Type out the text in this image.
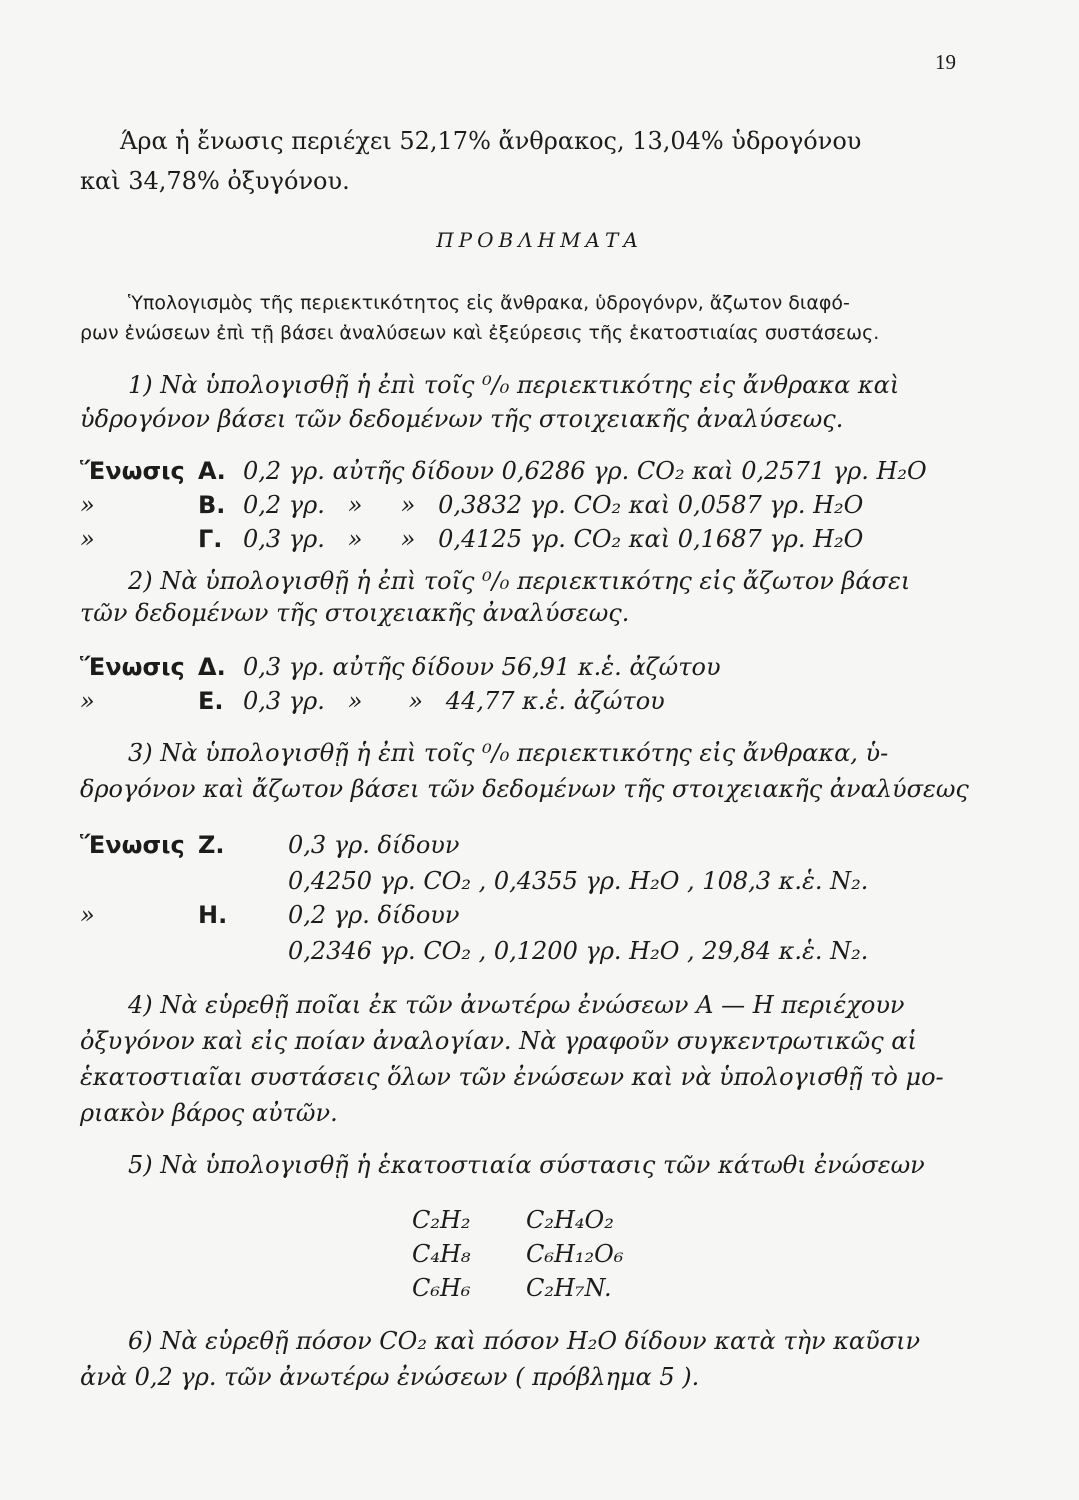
19
Άρα ἡ ἔνωσις περιέχει 52,17% ἄνθρακος, 13,04% ὑδρογόνου
καὶ 34,78% ὀξυγόνου.
ΠΡΟΒΛΗΜΑΤΑ
Ὑπολογισμὸς τῆς περιεκτικότητος εἰς ἄνθρακα, ὑδρογόνρν, ἄζωτον διαφό-
ρων ἐνώσεων ἐπὶ τῇ βάσει ἀναλύσεων καὶ ἐξεύρεσις τῆς ἑκατοστιαίας συστάσεως.
1) Νὰ ὑπολογισθῇ ἡ ἐπὶ τοῖς ⁰/₀ περιεκτικότης εἰς ἄνθρακα καὶ
ὑδρογόνον βάσει τῶν δεδομένων τῆς στοιχειακῆς ἀναλύσεως.
Ἕνωσις Α. 0,2 γρ. αὐτῆς δίδουν 0,6286 γρ. CO₂ καὶ 0,2571 γρ. H₂O
»	Β. 0,2 γρ.   »     »   0,3832 γρ. CO₂ καὶ 0,0587 γρ. H₂O
»	Γ. 0,3 γρ.   »     »   0,4125 γρ. CO₂ καὶ 0,1687 γρ. H₂O
2) Νὰ ὑπολογισθῇ ἡ ἐπὶ τοῖς ⁰/₀ περιεκτικότης εἰς ἄζωτον βάσει
τῶν δεδομένων τῆς στοιχειακῆς ἀναλύσεως.
Ἕνωσις Δ. 0,3 γρ. αὐτῆς δίδουν 56,91 κ.ἑ. ἀζώτου
»	Ε. 0,3 γρ.   »      »   44,77 κ.ἑ. ἀζώτου
3) Νὰ ὑπολογισθῇ ἡ ἐπὶ τοῖς ⁰/₀ περιεκτικότης εἰς ἄνθρακα, ὑ-
δρογόνον καὶ ἄζωτον βάσει τῶν δεδομένων τῆς στοιχειακῆς ἀναλύσεως
Ἕνωσις Ζ.	0,3 γρ. δίδουν
0,4250 γρ. CO₂ , 0,4355 γρ. H₂O , 108,3 κ.ἑ. N₂.
»	Η.	0,2 γρ. δίδουν
0,2346 γρ. CO₂ , 0,1200 γρ. H₂O , 29,84 κ.ἑ. N₂.
4) Νὰ εὑρεθῇ ποῖαι ἐκ τῶν ἀνωτέρω ἐνώσεων Α — Η περιέχουν
ὀξυγόνον καὶ εἰς ποίαν ἀναλογίαν. Νὰ γραφοῦν συγκεντρωτικῶς αἱ
ἑκατοστιαῖαι συστάσεις ὅλων τῶν ἐνώσεων καὶ νὰ ὑπολογισθῇ τὸ μο-
ριακὸν βάρος αὐτῶν.
5) Νὰ ὑπολογισθῇ ἡ ἑκατοστιαία σύστασις τῶν κάτωθι ἐνώσεων
C₂H₂ C₂H₄O₂
C₄H₈ C₆H₁₂O₆
C₆H₆ C₂H₇N.
6) Νὰ εὑρεθῇ πόσον CO₂ καὶ πόσον H₂O δίδουν κατὰ τὴν καῦσιν
ἀνὰ 0,2 γρ. τῶν ἀνωτέρω ἐνώσεων ( πρόβλημα 5 ).
